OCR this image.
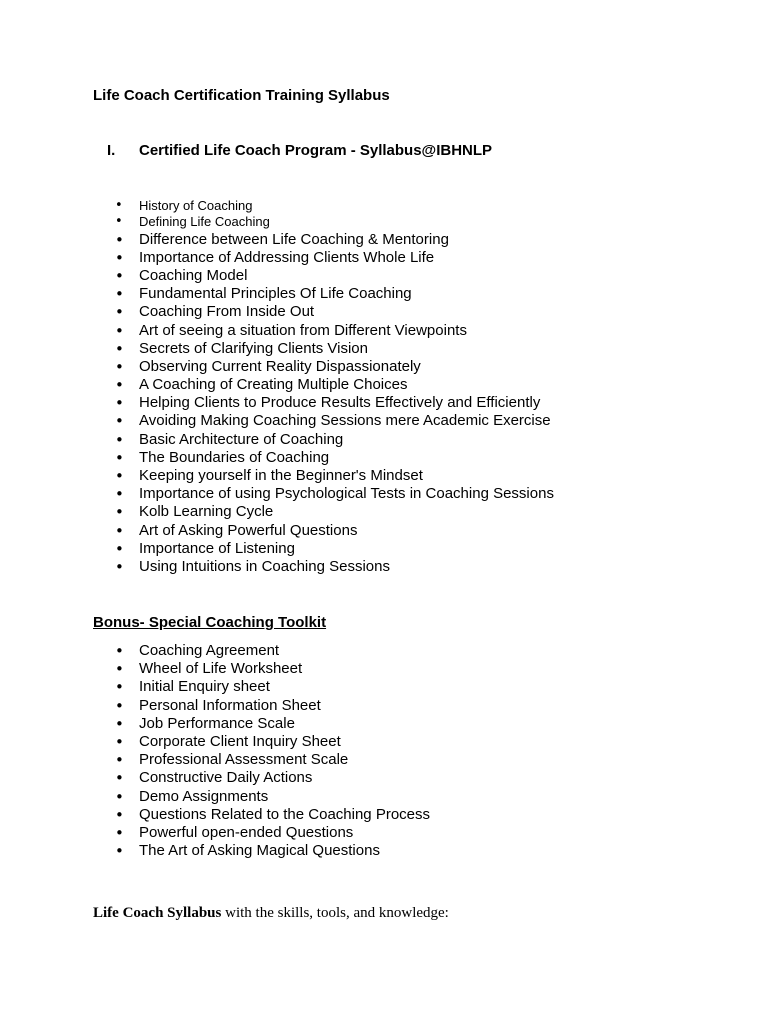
Life Coach Certification Training Syllabus
I. Certified Life Coach Program - Syllabus@IBHNLP
• History of Coaching
• Defining Life Coaching
• Difference between Life Coaching & Mentoring
• Importance of Addressing Clients Whole Life
• Coaching Model
• Fundamental Principles Of Life Coaching
• Coaching From Inside Out
• Art of seeing a situation from Different Viewpoints
• Secrets of Clarifying Clients Vision
• Observing Current Reality Dispassionately
• A Coaching of Creating Multiple Choices
• Helping Clients to Produce Results Effectively and Efficiently
• Avoiding Making Coaching Sessions mere Academic Exercise
• Basic Architecture of Coaching
• The Boundaries of Coaching
• Keeping yourself in the Beginner's Mindset
• Importance of using Psychological Tests in Coaching Sessions
• Kolb Learning Cycle
• Art of Asking Powerful Questions
• Importance of Listening
• Using Intuitions in Coaching Sessions
Bonus- Special Coaching Toolkit
• Coaching Agreement
• Wheel of Life Worksheet
• Initial Enquiry sheet
• Personal Information Sheet
• Job Performance Scale
• Corporate Client Inquiry Sheet
• Professional Assessment Scale
• Constructive Daily Actions
• Demo Assignments
• Questions Related to the Coaching Process
• Powerful open-ended Questions
• The Art of Asking Magical Questions
Life Coach Syllabus with the skills, tools, and knowledge:
